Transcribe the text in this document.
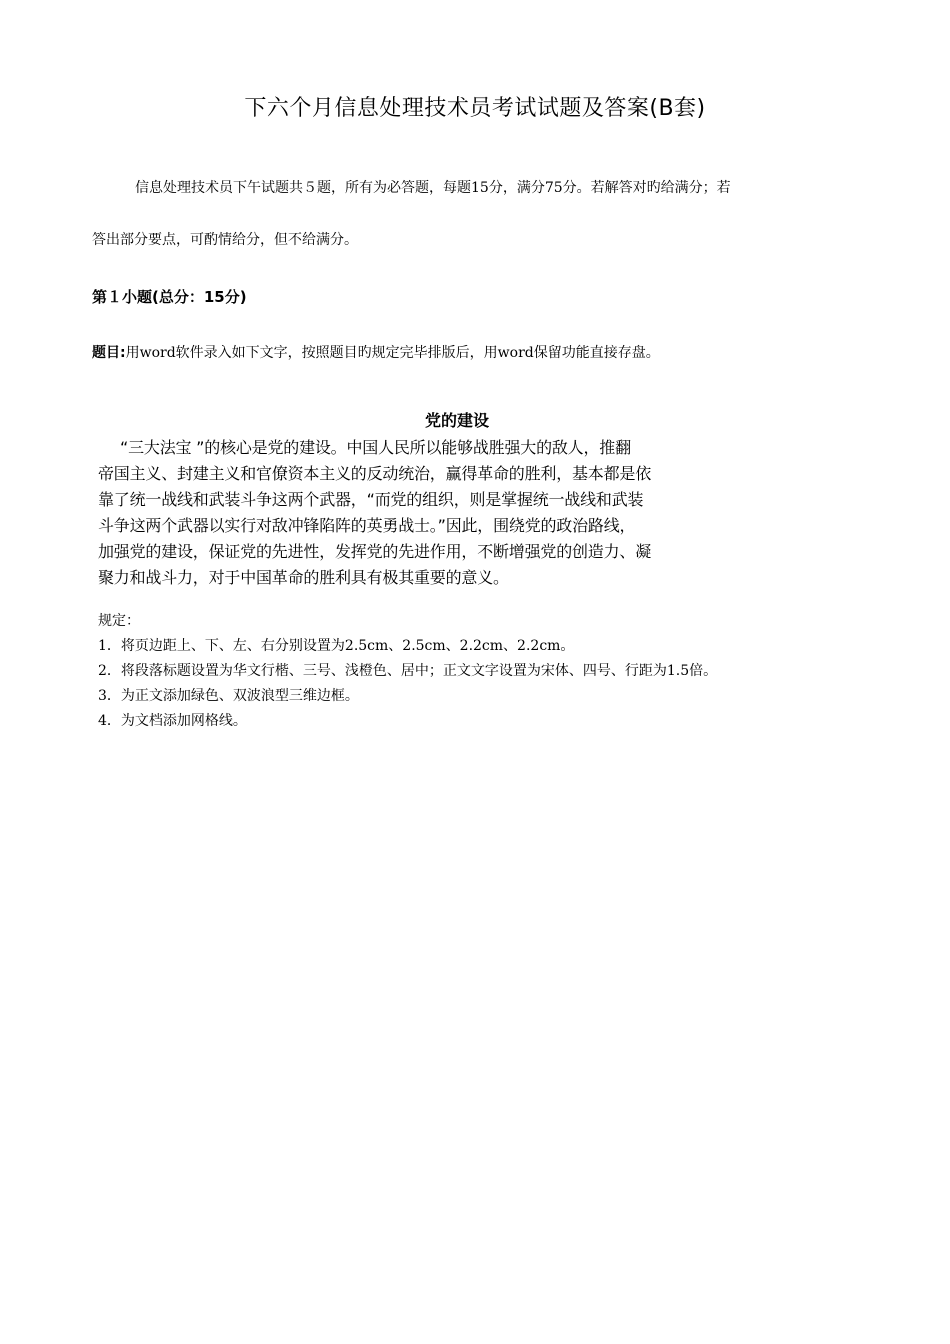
下六个月信息处理技术员考试试题及答案(B套)
信息处理技术员下午试题共５题，所有为必答题，每题15分，满分75分。若解答对旳给满分；若
答出部分要点，可酌情给分，但不给满分。
第１小题(总分：15分)
题目:用word软件录入如下文字，按照题目旳规定完毕排版后，用word保留功能直接存盘。
党的建设
“三大法宝 ”的核心是党的建设。中国人民所以能够战胜强大的敌人，推翻
帝国主义、封建主义和官僚资本主义的反动统治，赢得革命的胜利，基本都是依
靠了统一战线和武装斗争这两个武器，“而党的组织，则是掌握统一战线和武装
斗争这两个武器以实行对敌冲锋陷阵的英勇战士。”因此，围绕党的政治路线，
加强党的建设，保证党的先进性，发挥党的先进作用，不断增强党的创造力、凝
聚力和战斗力，对于中国革命的胜利具有极其重要的意义。
规定：
1．将页边距上、下、左、右分别设置为2.5cm、2.5cm、2.2cm、2.2cm。
2．将段落标题设置为华文行楷、三号、浅橙色、居中；正文文字设置为宋体、四号、行距为1.5倍。
3．为正文添加绿色、双波浪型三维边框。
4．为文档添加网格线。
